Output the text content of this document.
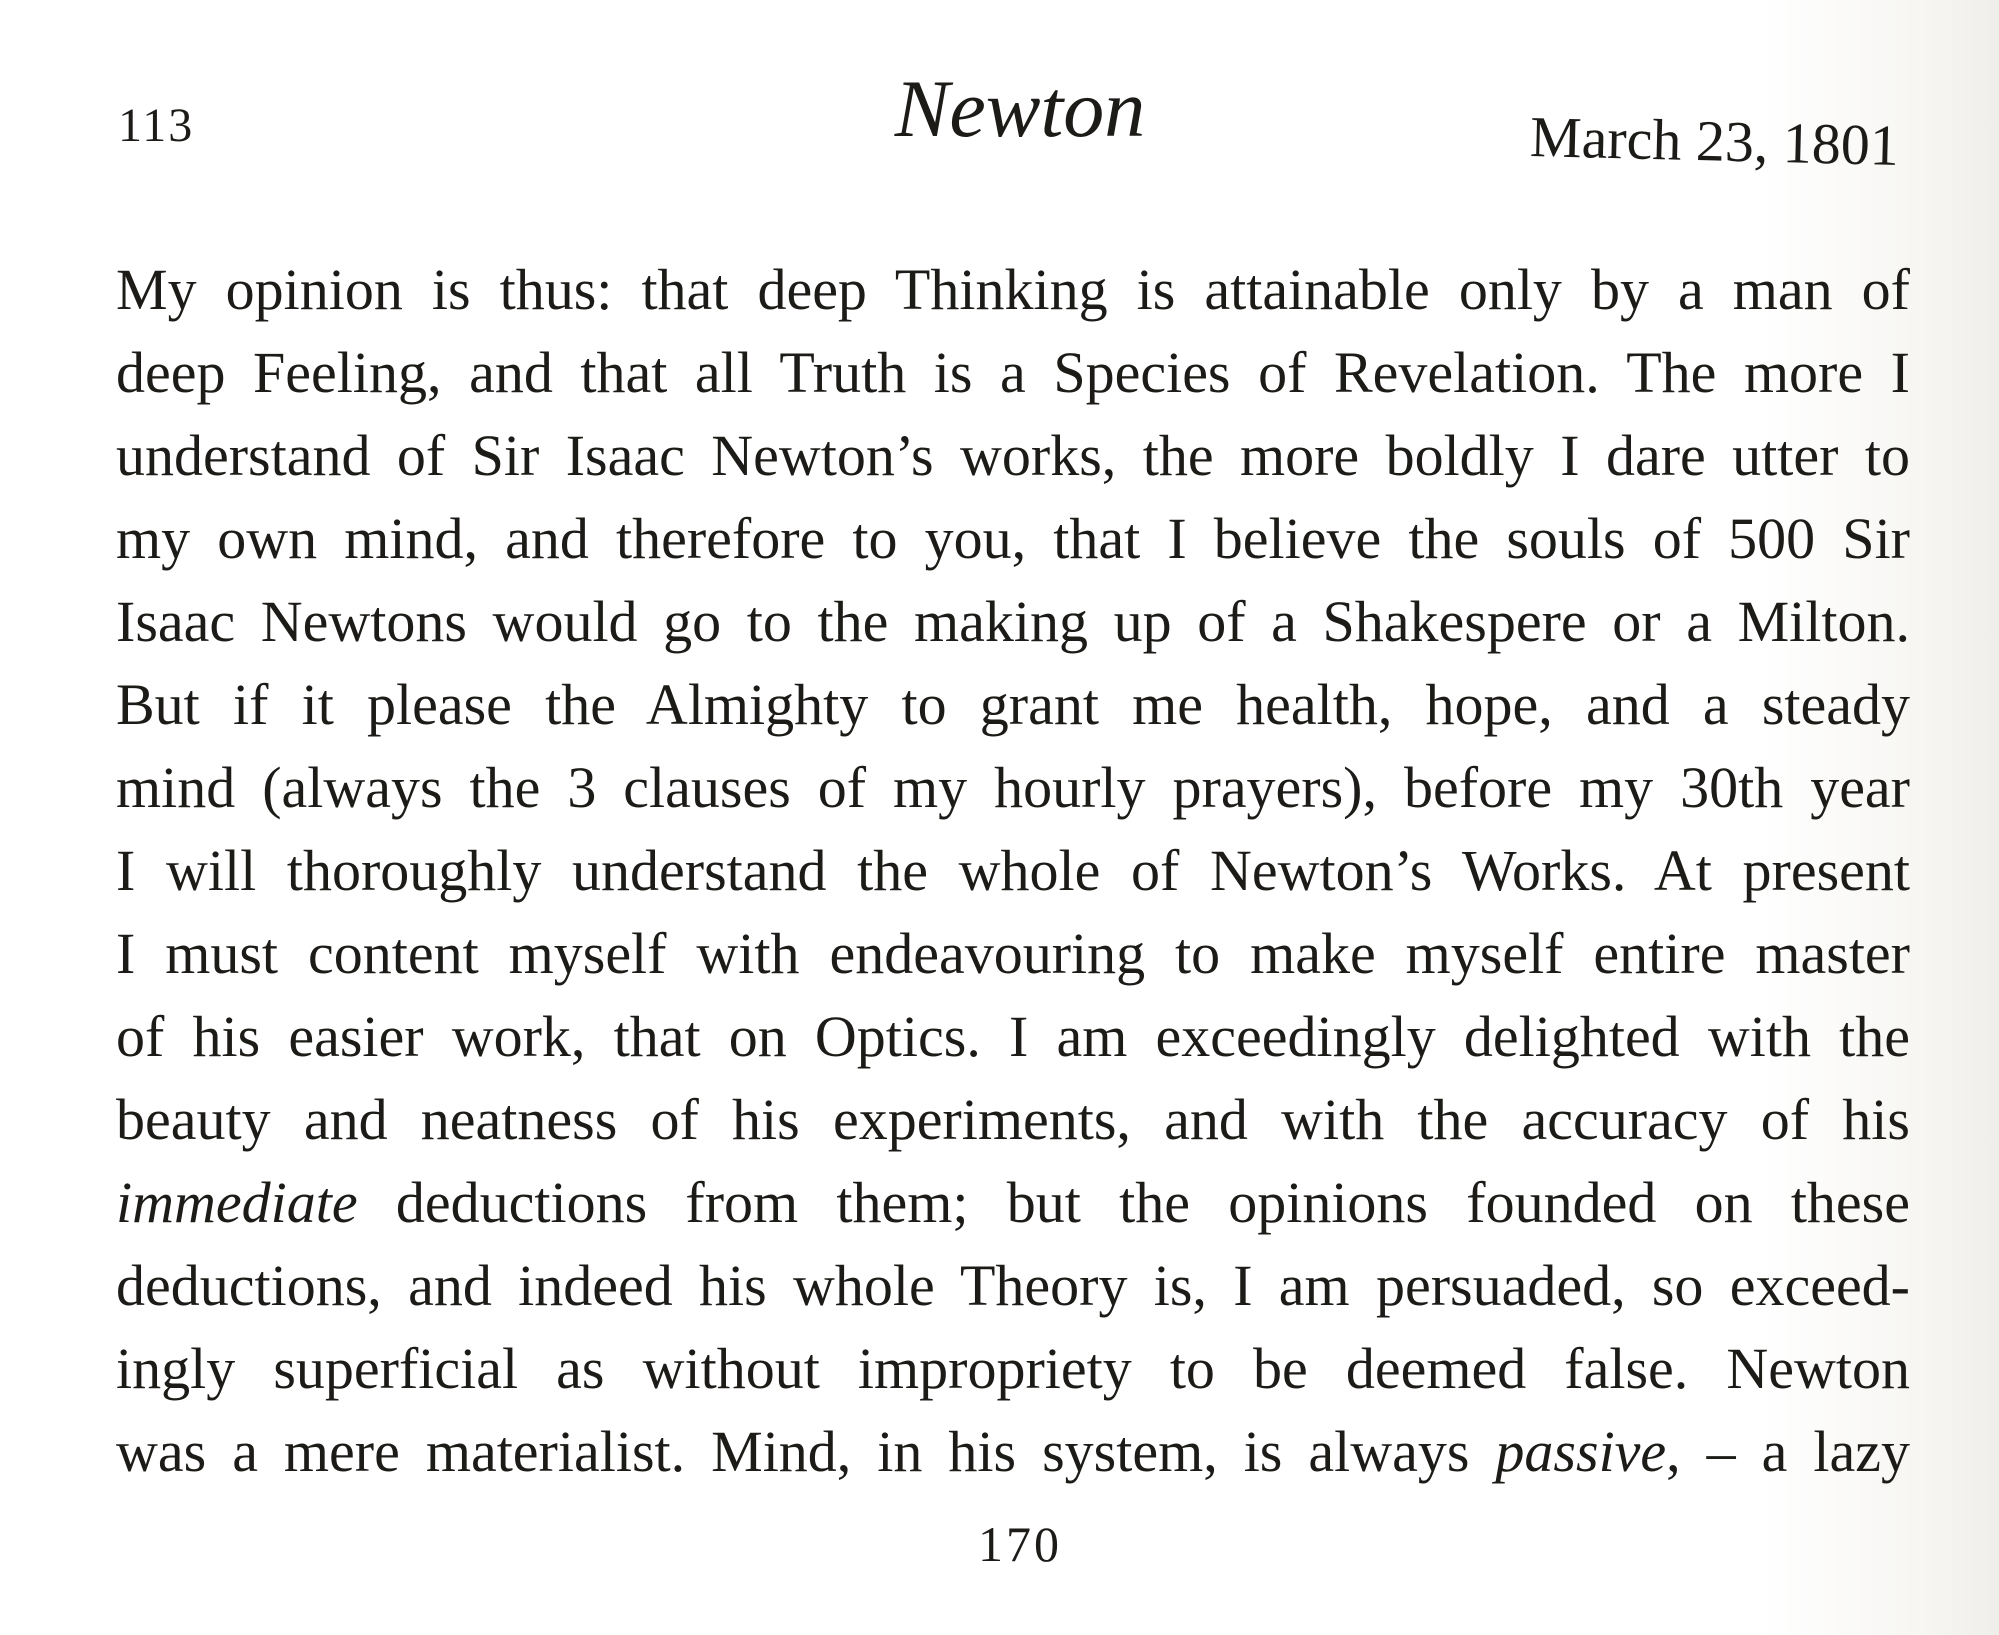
113	Newton	March 23, 1801
My opinion is thus: that deep Thinking is attainable only by a man of
deep Feeling, and that all Truth is a Species of Revelation. The more I
understand of Sir Isaac Newton’s works, the more boldly I dare utter to
my own mind, and therefore to you, that I believe the souls of 500 Sir
Isaac Newtons would go to the making up of a Shakespere or a Milton.
But if it please the Almighty to grant me health, hope, and a steady
mind (always the 3 clauses of my hourly prayers), before my 30th year
I will thoroughly understand the whole of Newton’s Works. At present
I must content myself with endeavouring to make myself entire master
of his easier work, that on Optics. I am exceedingly delighted with the
beauty and neatness of his experiments, and with the accuracy of his
immediate deductions from them; but the opinions founded on these
deductions, and indeed his whole Theory is, I am persuaded, so exceed-
ingly superficial as without impropriety to be deemed false. Newton
was a mere materialist. Mind, in his system, is always passive, – a lazy
170
